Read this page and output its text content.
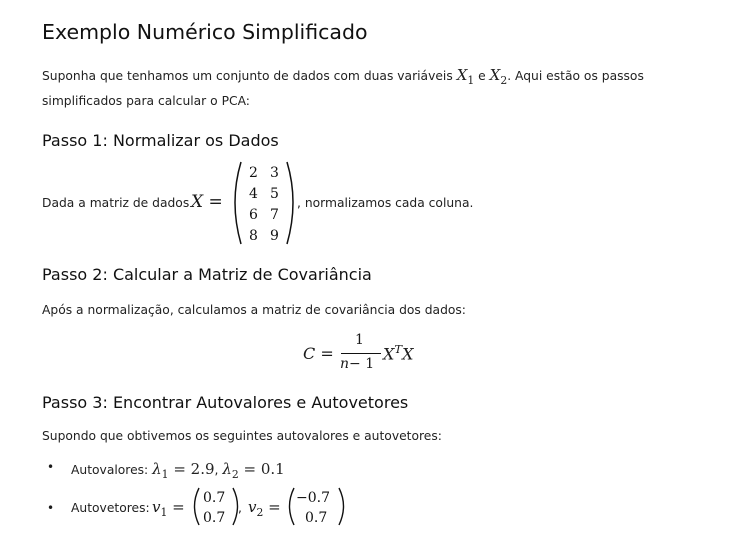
Exemplo Numérico Simplificado
Suponha que tenhamos um conjunto de dados com duas variáveis $X_1$ e $X_2$. Aqui estão os passos
simplificados para calcular o PCA:
Passo 1: Normalizar os Dados
Dada a matriz de dados X =
2 3
4 5
6 7
8 9
, normalizamos cada coluna.
Passo 2: Calcular a Matriz de Covariância
Após a normalização, calculamos a matriz de covariância dos dados:
C =
1
n− 1
$X^TX$
Passo 3: Encontrar Autovalores e Autovetores
Supondo que obtivemos os seguintes autovalores e autovetores:
• Autovalores: $\lambda_1 = 2.9$, $\lambda_2 = 0.1$
• Autovetores: $v_1 = 0.7$
0.7
, $v_2 = -0.7$
0.7
